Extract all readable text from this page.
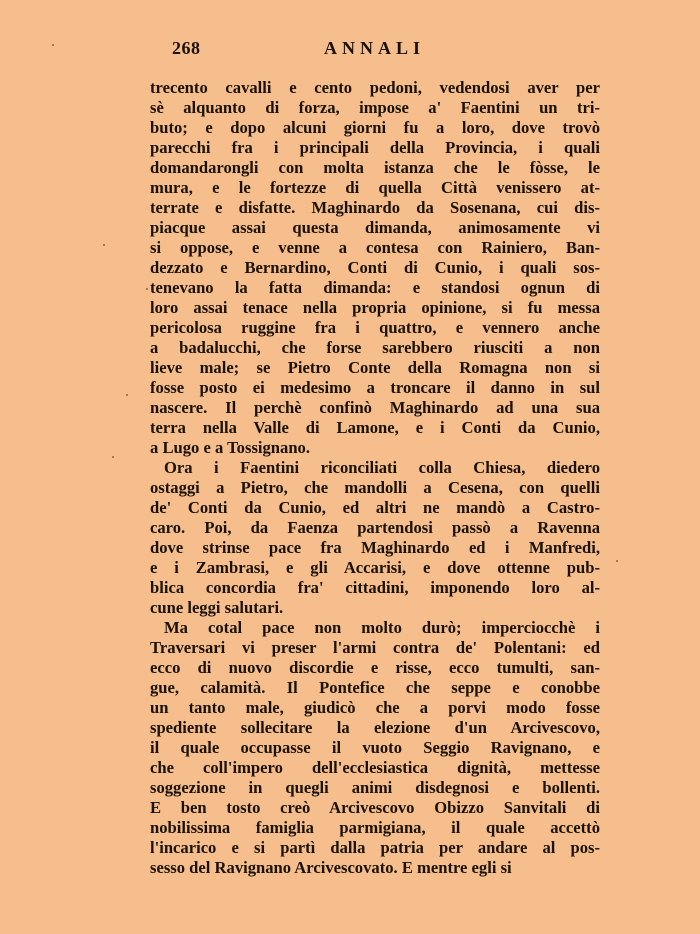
268	ANNALI
trecento cavalli e cento pedoni, vedendosi aver per
sè alquanto di forza, impose a' Faentini un tri-
buto; e dopo alcuni giorni fu a loro, dove trovò
parecchi fra i principali della Provincia, i quali
domandarongli con molta istanza che le fòsse, le
mura, e le fortezze di quella Città venissero at-
terrate e disfatte. Maghinardo da Sosenana, cui dis-
piacque assai questa dimanda, animosamente vi
si oppose, e venne a contesa con Rainiero, Ban-
dezzato e Bernardino, Conti di Cunio, i quali sos-
tenevano la fatta dimanda: e standosi ognun di
loro assai tenace nella propria opinione, si fu messa
pericolosa ruggine fra i quattro, e vennero anche
a badalucchi, che forse sarebbero riusciti a non
lieve male; se Pietro Conte della Romagna non si
fosse posto ei medesimo a troncare il danno in sul
nascere. Il perchè confinò Maghinardo ad una sua
terra nella Valle di Lamone, e i Conti da Cunio,
a Lugo e a Tossignano.
Ora i Faentini riconciliati colla Chiesa, diedero
ostaggi a Pietro, che mandolli a Cesena, con quelli
de' Conti da Cunio, ed altri ne mandò a Castro-
caro. Poi, da Faenza partendosi passò a Ravenna
dove strinse pace fra Maghinardo ed i Manfredi,
e i Zambrasi, e gli Accarisi, e dove ottenne pub-
blica concordia fra' cittadini, imponendo loro al-
cune leggi salutari.
Ma cotal pace non molto durò; imperciocchè i
Traversari vi preser l'armi contra de' Polentani: ed
ecco di nuovo discordie e risse, ecco tumulti, san-
gue, calamità. Il Pontefice che seppe e conobbe
un tanto male, giudicò che a porvi modo fosse
spediente sollecitare la elezione d'un Arcivescovo,
il quale occupasse il vuoto Seggio Ravignano, e
che coll'impero dell'ecclesiastica dignità, mettesse
soggezione in quegli animi disdegnosi e bollenti.
E ben tosto creò Arcivescovo Obizzo Sanvitali di
nobilissima famiglia parmigiana, il quale accettò
l'incarico e si partì dalla patria per andare al pos-
sesso del Ravignano Arcivescovato. E mentre egli si
